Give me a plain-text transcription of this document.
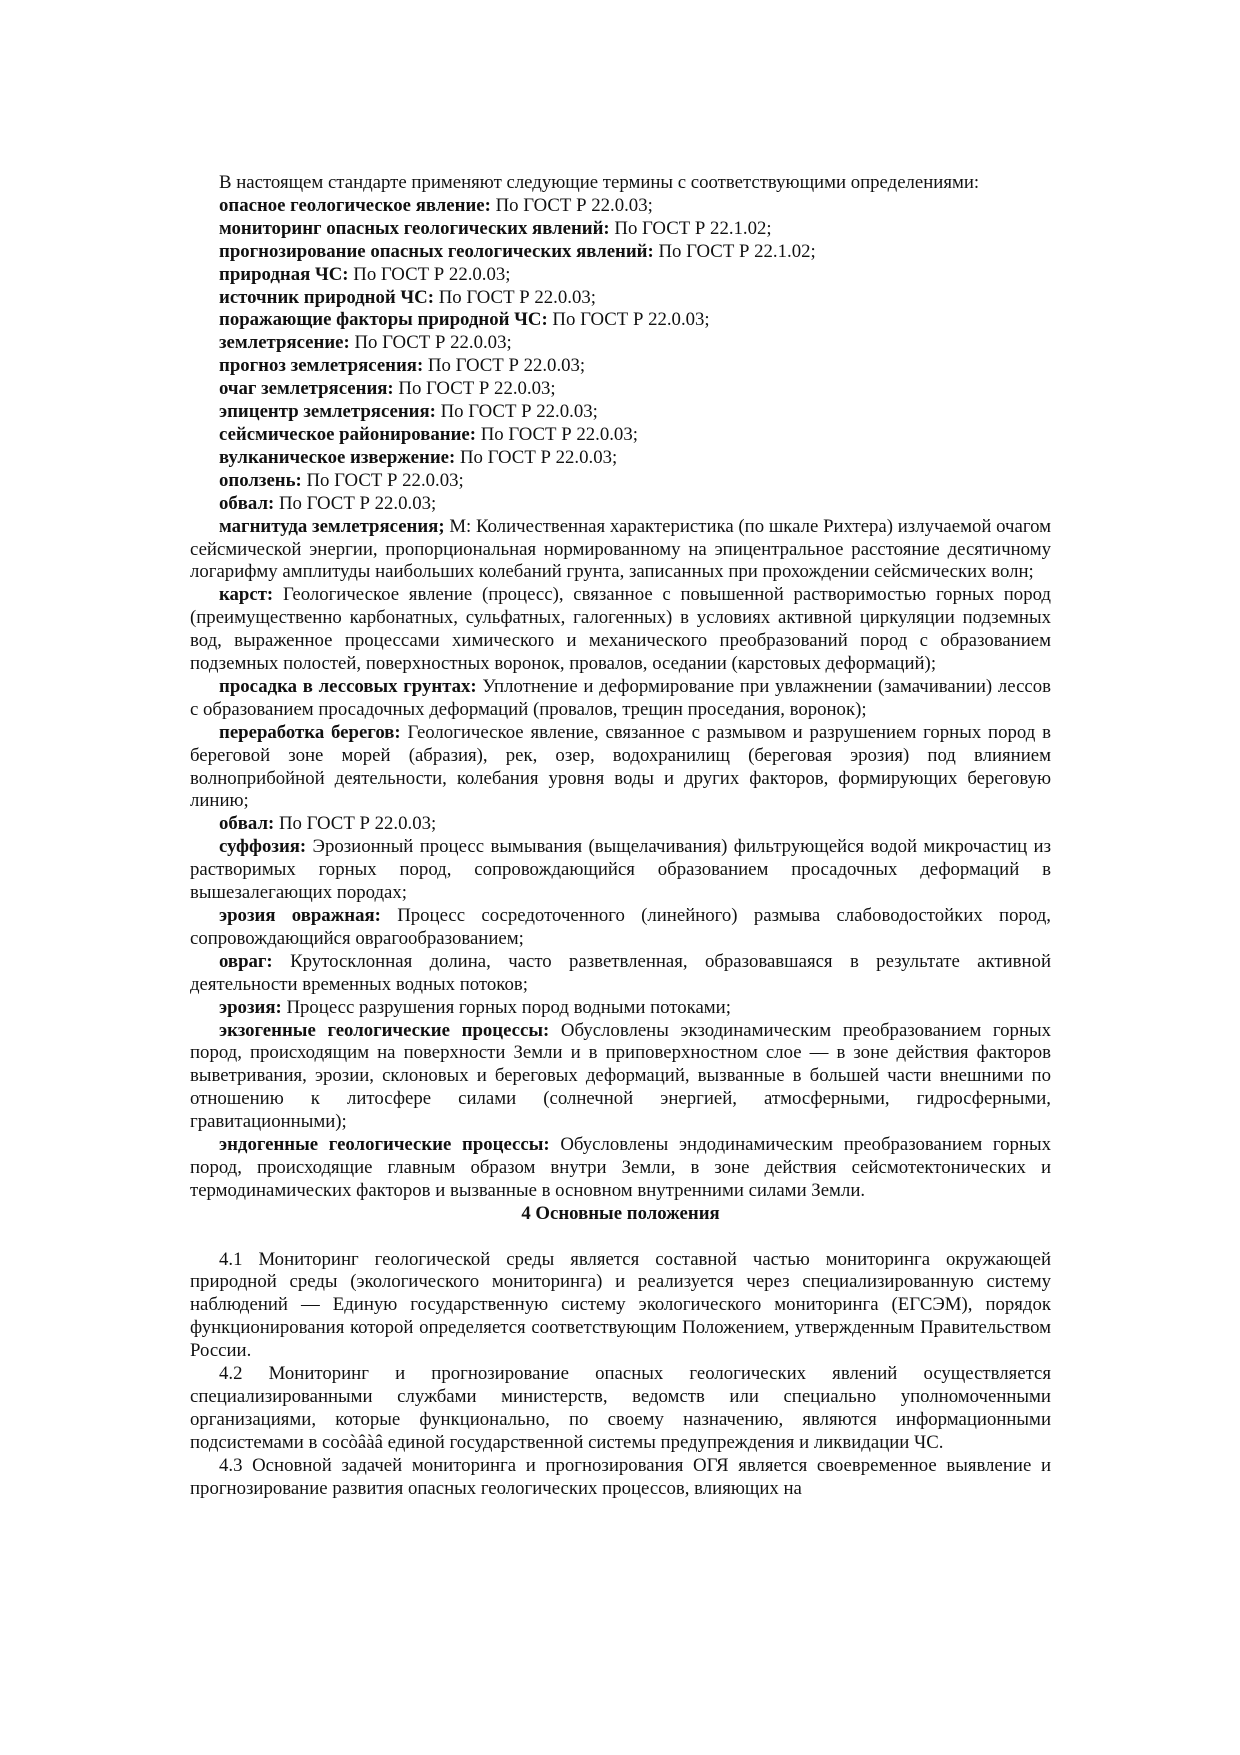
В настоящем стандарте применяют следующие термины с соответствующими определениями:

опасное геологическое явление: По ГОСТ Р 22.0.03;

мониторинг опасных геологических явлений: По ГОСТ Р 22.1.02;

прогнозирование опасных геологических явлений: По ГОСТ Р 22.1.02;

природная ЧС: По ГОСТ Р 22.0.03;

источник природной ЧС: По ГОСТ Р 22.0.03;

поражающие факторы природной ЧС: По ГОСТ Р 22.0.03;

землетрясение: По ГОСТ Р 22.0.03;

прогноз землетрясения: По ГОСТ Р 22.0.03;

очаг землетрясения: По ГОСТ Р 22.0.03;

эпицентр землетрясения: По ГОСТ Р 22.0.03;

сейсмическое районирование: По ГОСТ Р 22.0.03;

вулканическое извержение: По ГОСТ Р 22.0.03;

оползень: По ГОСТ Р 22.0.03;

обвал: По ГОСТ Р 22.0.03;

магнитуда землетрясения; М: Количественная характеристика (по шкале Рихтера) излучаемой очагом сейсмической энергии, пропорциональная нормированному на эпицентральное расстояние десятичному логарифму амплитуды наибольших колебаний грунта, записанных при прохождении сейсмических волн;

карст: Геологическое явление (процесс), связанное с повышенной растворимостью горных пород (преимущественно карбонатных, сульфатных, галогенных) в условиях активной циркуляции подземных вод, выраженное процессами химического и механического преобразований пород с образованием подземных полостей, поверхностных воронок, провалов, оседании (карстовых деформаций);

просадка в лессовых грунтах: Уплотнение и деформирование при увлажнении (замачивании) лессов с образованием просадочных деформаций (провалов, трещин проседания, воронок);

переработка берегов: Геологическое явление, связанное с размывом и разрушением горных пород в береговой зоне морей (абразия), рек, озер, водохранилищ (береговая эрозия) под влиянием волноприбойной деятельности, колебания уровня воды и других факторов, формирующих береговую линию;

обвал: По ГОСТ Р 22.0.03;

суффозия: Эрозионный процесс вымывания (выщелачивания) фильтрующейся водой микрочастиц из растворимых горных пород, сопровождающийся образованием просадочных деформаций в вышезалегающих породах;

эрозия овражная: Процесс сосредоточенного (линейного) размыва слабоводостойких пород, сопровождающийся оврагообразованием;

овраг: Крутосклонная долина, часто разветвленная, образовавшаяся в результате активной деятельности временных водных потоков;

эрозия: Процесс разрушения горных пород водными потоками;

экзогенные геологические процессы: Обусловлены экзодинамическим преобразованием горных пород, происходящим на поверхности Земли и в приповерхностном слое — в зоне действия факторов выветривания, эрозии, склоновых и береговых деформаций, вызванные в большей части внешними по отношению к литосфере силами (солнечной энергией, атмосферными, гидросферными, гравитационными);

эндогенные геологические процессы: Обусловлены эндодинамическим преобразованием горных пород, происходящие главным образом внутри Земли, в зоне действия сейсмотектонических и термодинамических факторов и вызванные в основном внутренними силами Земли.

4 Основные положения

4.1 Мониторинг геологической среды является составной частью мониторинга окружающей природной среды (экологического мониторинга) и реализуется через специализированную систему наблюдений — Единую государственную систему экологического мониторинга (ЕГСЭМ), порядок функционирования которой определяется соответствующим Положением, утвержденным Правительством России.

4.2 Мониторинг и прогнозирование опасных геологических явлений осуществляется специализированными службами министерств, ведомств или специально уполномоченными организациями, которые функционально, по своему назначению, являются информационными подсистемами в cосòâàâ единой государственной системы предупреждения и ликвидации ЧС.

4.3 Основной задачей мониторинга и прогнозирования ОГЯ является своевременное выявление и прогнозирование развития опасных геологических процессов, влияющих на
